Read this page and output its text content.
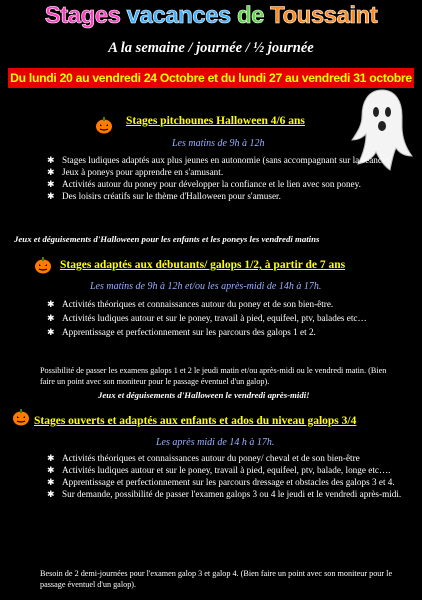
Stages vacances de Toussaint
A la semaine / journée / ½ journée
Du lundi 20 au vendredi 24 Octobre et du lundi 27 au vendredi 31 octobre
Stages pitchounes Halloween 4/6 ans
Les matins de 9h à 12h
✱ Stages ludiques adaptés aux plus jeunes en autonomie (sans accompagnant sur la séance)
✱ Jeux à poneys pour apprendre en s'amusant.
✱ Activités autour du poney pour développer la confiance et le lien avec son poney.
✱ Des loisirs créatifs sur le thème d'Halloween pour s'amuser.
Jeux et déguisements d'Halloween pour les enfants et les poneys les vendredi matins
Stages adaptés aux débutants/ galops 1/2, à partir de 7 ans
Les matins de 9h à 12h et/ou les après-midi de 14h à 17h.
✱ Activités théoriques et connaissances autour du poney et de son bien-être.
✱ Activités ludiques autour et sur le poney, travail à pied, equifeel, ptv, balades etc…
✱ Apprentissage et perfectionnement sur les parcours des galops 1 et 2.
Possibilité de passer les examens galops 1 et 2 le jeudi matin et/ou après-midi ou le vendredi matin. (Bien faire un point avec son moniteur pour le passage éventuel d'un galop).
Jeux et déguisements d'Halloween le vendredi après-midi!
Stages ouverts et adaptés aux enfants et ados du niveau galops 3/4
Les après midi de 14 h à 17h.
✱ Activités théoriques et connaissances autour du poney/ cheval et de son bien-être
✱ Activités ludiques autour et sur le poney, travail à pied, equifeel, ptv, balade, longe etc….
✱ Apprentissage et perfectionnement sur les parcours dressage et obstacles des galops 3 et 4.
✱ Sur demande, possibilité de passer l'examen galops 3 ou 4 le jeudi et le vendredi après-midi.
Besoin de 2 demi-journées pour l'examen galop 3 et galop 4. (Bien faire un point avec son moniteur pour le passage éventuel d'un galop).
